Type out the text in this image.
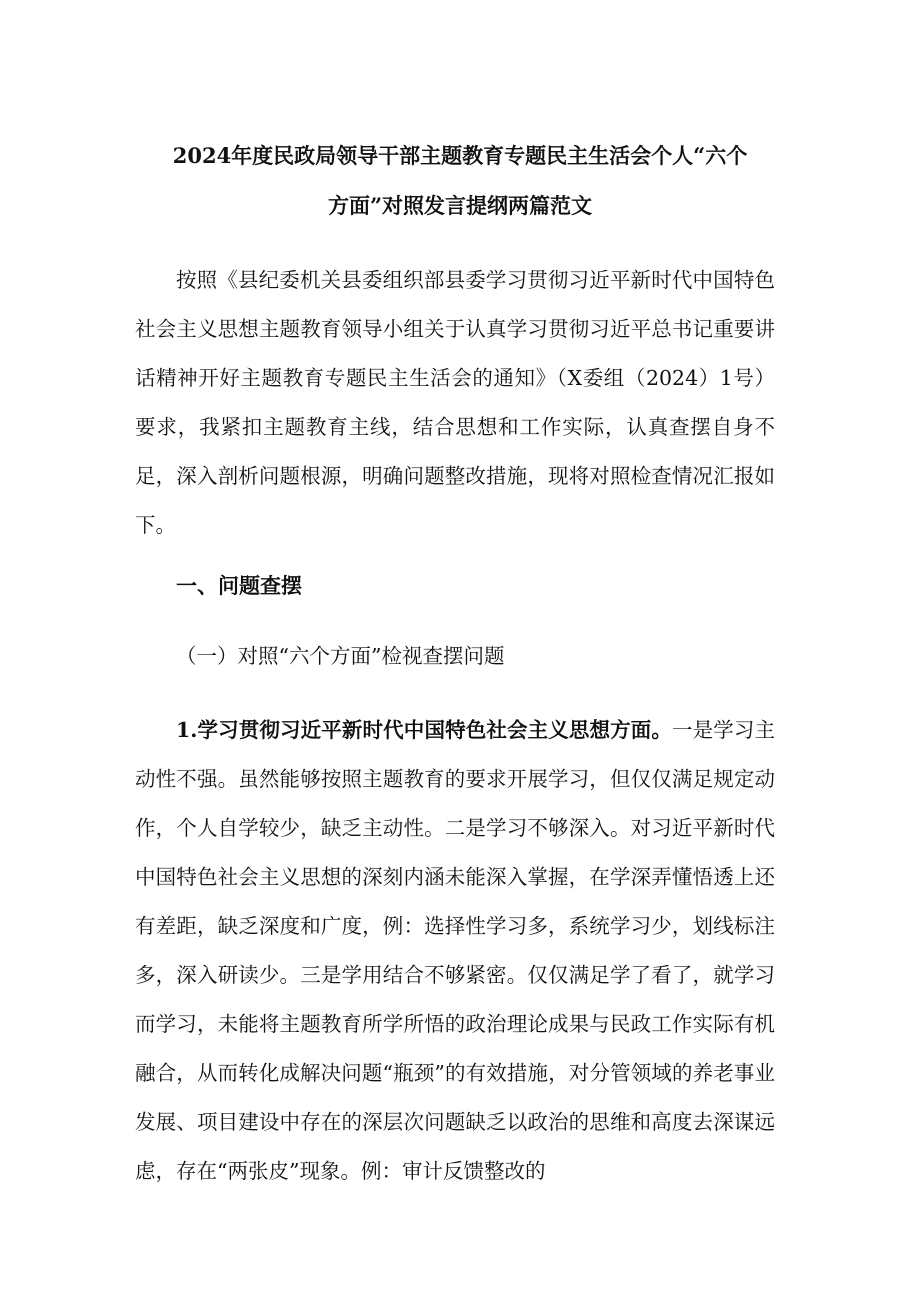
2024年度民政局领导干部主题教育专题民主生活会个人“六个
方面”对照发言提纲两篇范文

按照《县纪委机关县委组织部县委学习贯彻习近平新时代中国特色社会主义思想主题教育领导小组关于认真学习贯彻习近平总书记重要讲话精神开好主题教育专题民主生活会的通知》（X委组（2024）1号）要求，我紧扣主题教育主线，结合思想和工作实际，认真查摆自身不足，深入剖析问题根源，明确问题整改措施，现将对照检查情况汇报如下。

一、问题查摆

（一）对照“六个方面”检视查摆问题

1.学习贯彻习近平新时代中国特色社会主义思想方面。一是学习主动性不强。虽然能够按照主题教育的要求开展学习，但仅仅满足规定动作，个人自学较少，缺乏主动性。二是学习不够深入。对习近平新时代中国特色社会主义思想的深刻内涵未能深入掌握，在学深弄懂悟透上还有差距，缺乏深度和广度，例：选择性学习多，系统学习少，划线标注多，深入研读少。三是学用结合不够紧密。仅仅满足学了看了，就学习而学习，未能将主题教育所学所悟的政治理论成果与民政工作实际有机融合，从而转化成解决问题“瓶颈”的有效措施，对分管领域的养老事业发展、项目建设中存在的深层次问题缺乏以政治的思维和高度去深谋远虑，存在“两张皮”现象。例：审计反馈整改的
